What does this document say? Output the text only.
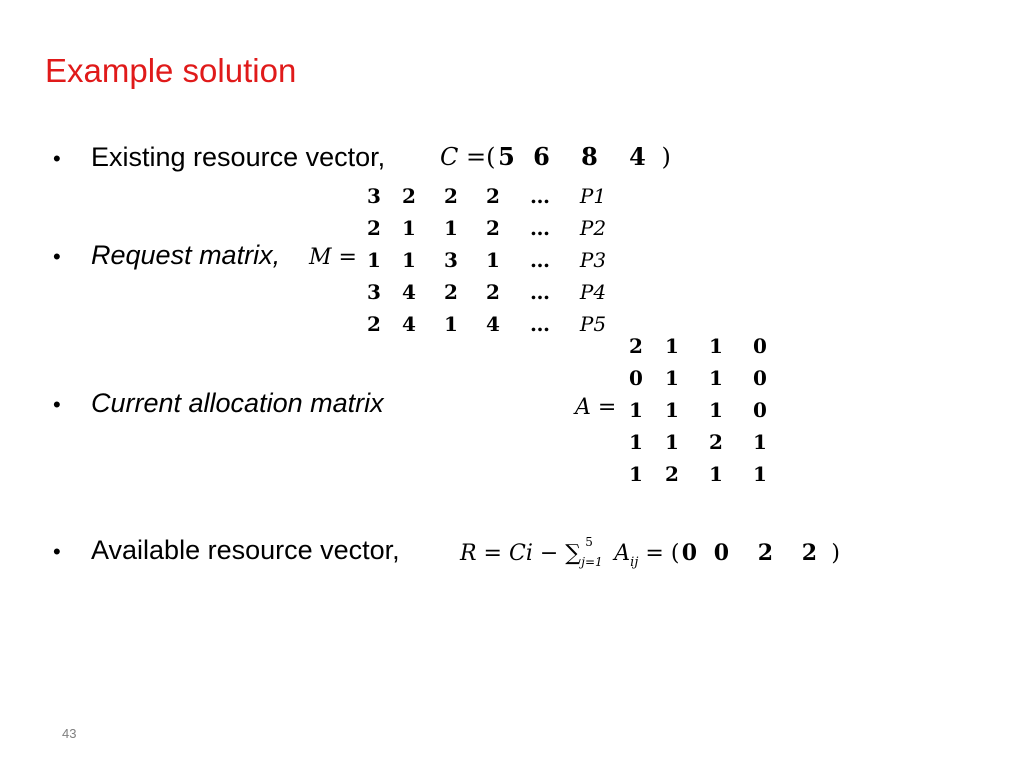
Example solution
•	Existing resource vector, C =( 5 6 8 4 )
•	Request matrix, M =
3	2	2	2	…	P1
2	1	1	2	…	P2
1	1	3	1	…	P3
3	4	2	2	…	P4
2	4	1	4	…	P5
•	Current allocation matrix	A =
2	1	1	0
0	1	1	0
1	1	1	0
1	1	2	1
1	2	1	1
•	Available resource vector,	R = Ci − ∑ 5
j=1 $A_{ij}$ = ( 0 0 2 2 )
43
